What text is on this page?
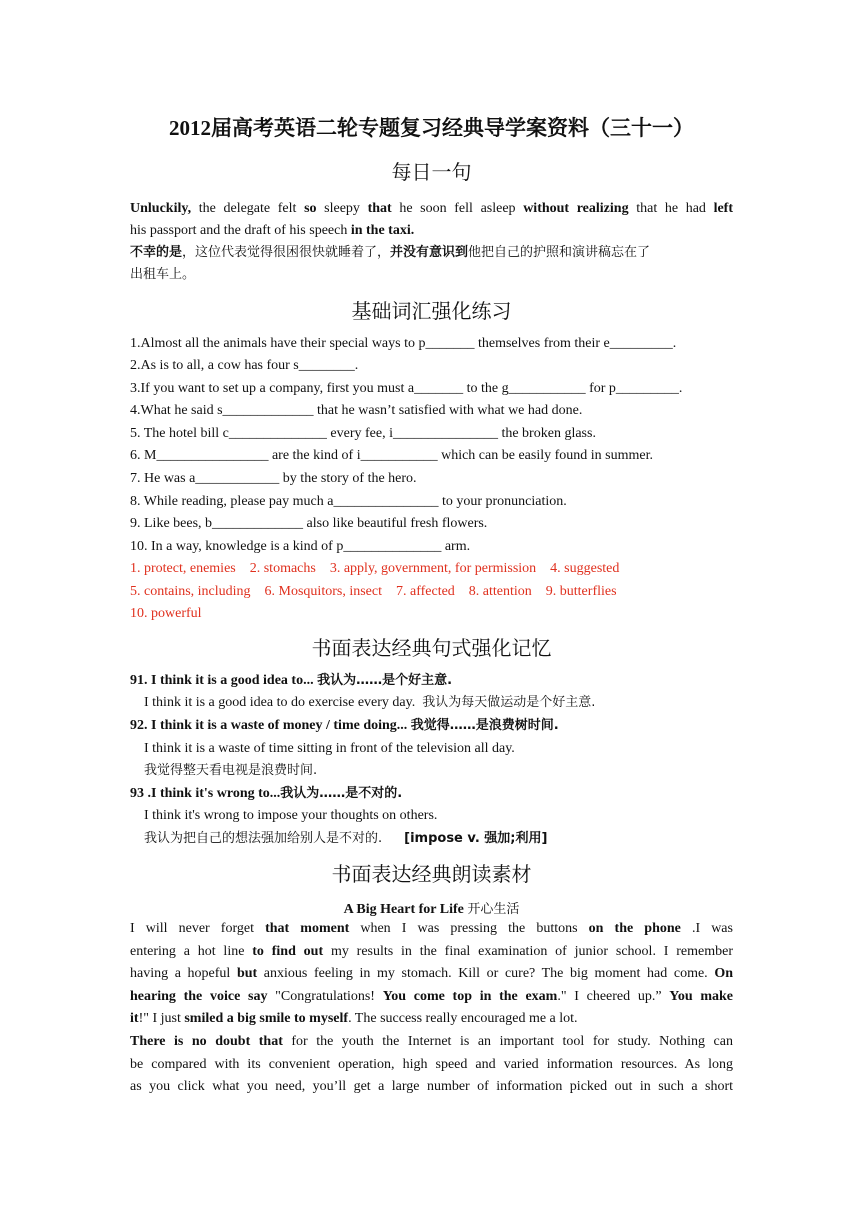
2012届高考英语二轮专题复习经典导学案资料（三十一）
每日一句
Unluckily, the delegate felt so sleepy that he soon fell asleep without realizing that he had left
his passport and the draft of his speech in the taxi.
不幸的是，这位代表觉得很困很快就睡着了，并没有意识到他把自己的护照和演讲稿忘在了
出租车上。
基础词汇强化练习
1.Almost all the animals have their special ways to p_______ themselves from their e_________.
2.As is to all, a cow has four s________.
3.If you want to set up a company, first you must a_______ to the g___________ for p_________.
4.What he said s_____________ that he wasn’t satisfied with what we had done.
5. The hotel bill c______________ every fee, i_______________ the broken glass.
6. M________________ are the kind of i___________ which can be easily found in summer.
7. He was a____________ by the story of the hero.
8. While reading, please pay much a_______________ to your pronunciation.
9. Like bees, b_____________ also like beautiful fresh flowers.
10. In a way, knowledge is a kind of p______________ arm.
1. protect, enemies    2. stomachs    3. apply, government, for permission    4. suggested
5. contains, including    6. Mosquitors, insect    7. affected    8. attention    9. butterflies
10. powerful
书面表达经典句式强化记忆
91. I think it is a good idea to... 我认为……是个好主意.
I think it is a good idea to do exercise every day. 我认为每天做运动是个好主意.
92. I think it is a waste of money / time doing... 我觉得……是浪费树时间.
I think it is a waste of time sitting in front of the television all day.
我觉得整天看电视是浪费时间.
93 .I think it's wrong to...我认为……是不对的.
I think it's wrong to impose your thoughts on others.
我认为把自己的想法强加给别人是不对的. [impose v. 强加;利用]
书面表达经典朗读素材
A Big Heart for Life 开心生活
I will never forget that moment when I was pressing the buttons on the phone .I was
entering a hot line to find out my results in the final examination of junior school. I remember
having a hopeful but anxious feeling in my stomach. Kill or cure? The big moment had come. On
hearing the voice say "Congratulations! You come top in the exam." I cheered up.” You make
it!" I just smiled a big smile to myself. The success really encouraged me a lot.
There is no doubt that for the youth the Internet is an important tool for study. Nothing can
be compared with its convenient operation, high speed and varied information resources. As long
as you click what you need, you’ll get a large number of information picked out in such a short
